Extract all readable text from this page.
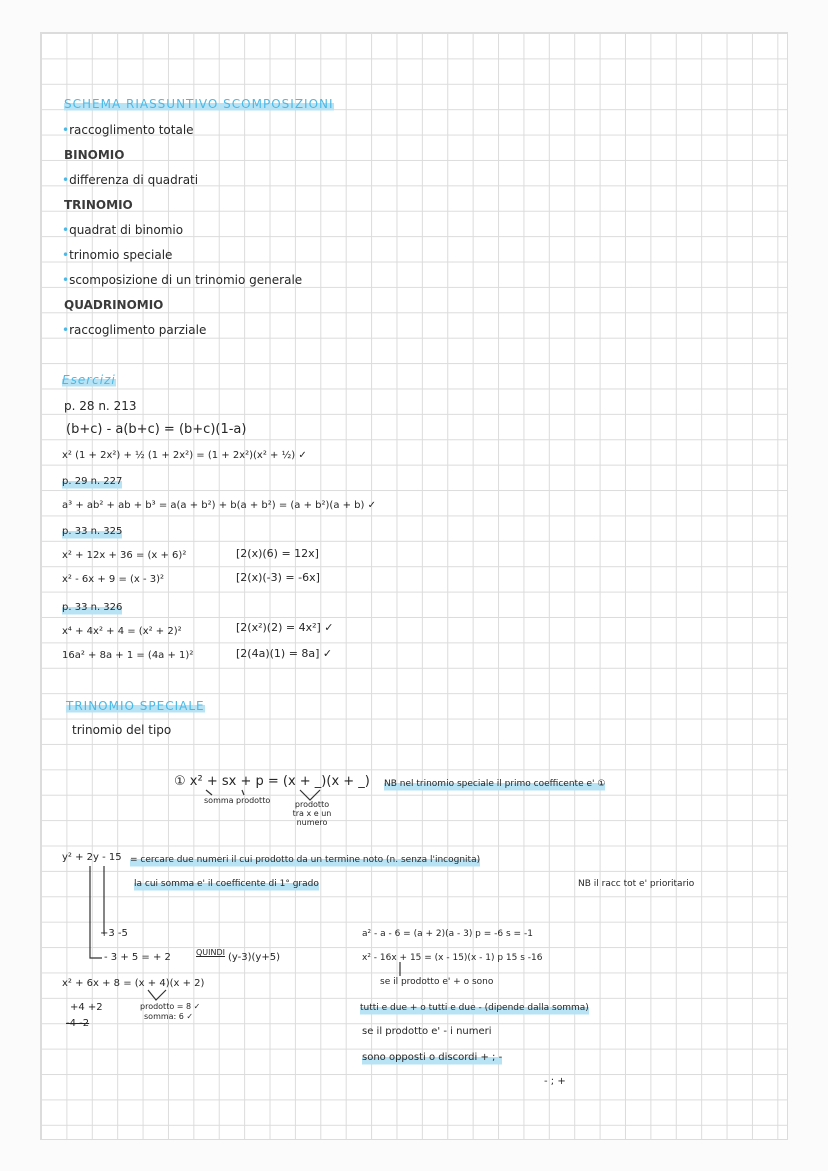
SCHEMA RIASSUNTIVO SCOMPOSIZIONI
•raccoglimento totale
BINOMIO
•differenza di quadrati
TRINOMIO
•quadrat di binomio
•trinomio speciale
•scomposizione di un trinomio generale
QUADRINOMIO
•raccoglimento parziale
Esercizi
p. 28 n. 213
(b+c) - a(b+c) = (b+c)(1-a)
x² (1 + 2x²) + ½ (1 + 2x²) = (1 + 2x²)(x² + ½) ✓
p. 29 n. 227
a³ + ab² + ab + b³ = a(a + b²) + b(a + b²) = (a + b²)(a + b) ✓
p. 33 n. 325
x² + 12x + 36 = (x + 6)²	[2(x)(6) = 12x]
x² - 6x + 9 = (x - 3)²	[2(x)(-3) = -6x]
p. 33 n. 326
x⁴ + 4x² + 4 = (x² + 2)²	[2(x²)(2) = 4x²] ✓
16a² + 8a + 1 = (4a + 1)²	[2(4a)(1) = 8a] ✓
TRINOMIO SPECIALE
trinomio del tipo
① x² + sx + p = (x + _)(x + _)
somma prodotto	prodotto tra x e un numero
NB nel trinomio speciale il primo coefficente e' ①
y² + 2y - 15 = cercare due numeri il cui prodotto da un termine noto (n. senza l'incognita)
la cui somma e' il coefficente di 1° grado	NB il racc tot e' prioritario
+3 -5
- 3 + 5 = + 2	QUINDI (y-3)(y+5)
x² + 6x + 8 = (x + 4)(x + 2)
+4 +2
-4 -2
prodotto = 8 ✓
somma: 6 ✓
a² - a - 6 = (a + 2)(a - 3) p = -6 s = -1
x² - 16x + 15 = (x - 15)(x - 1) p 15 s -16
se il prodotto e' + o sono
tutti e due + o tutti e due - (dipende dalla somma)
se il prodotto e' - i numeri
sono opposti o discordi + ; -
- ; +
